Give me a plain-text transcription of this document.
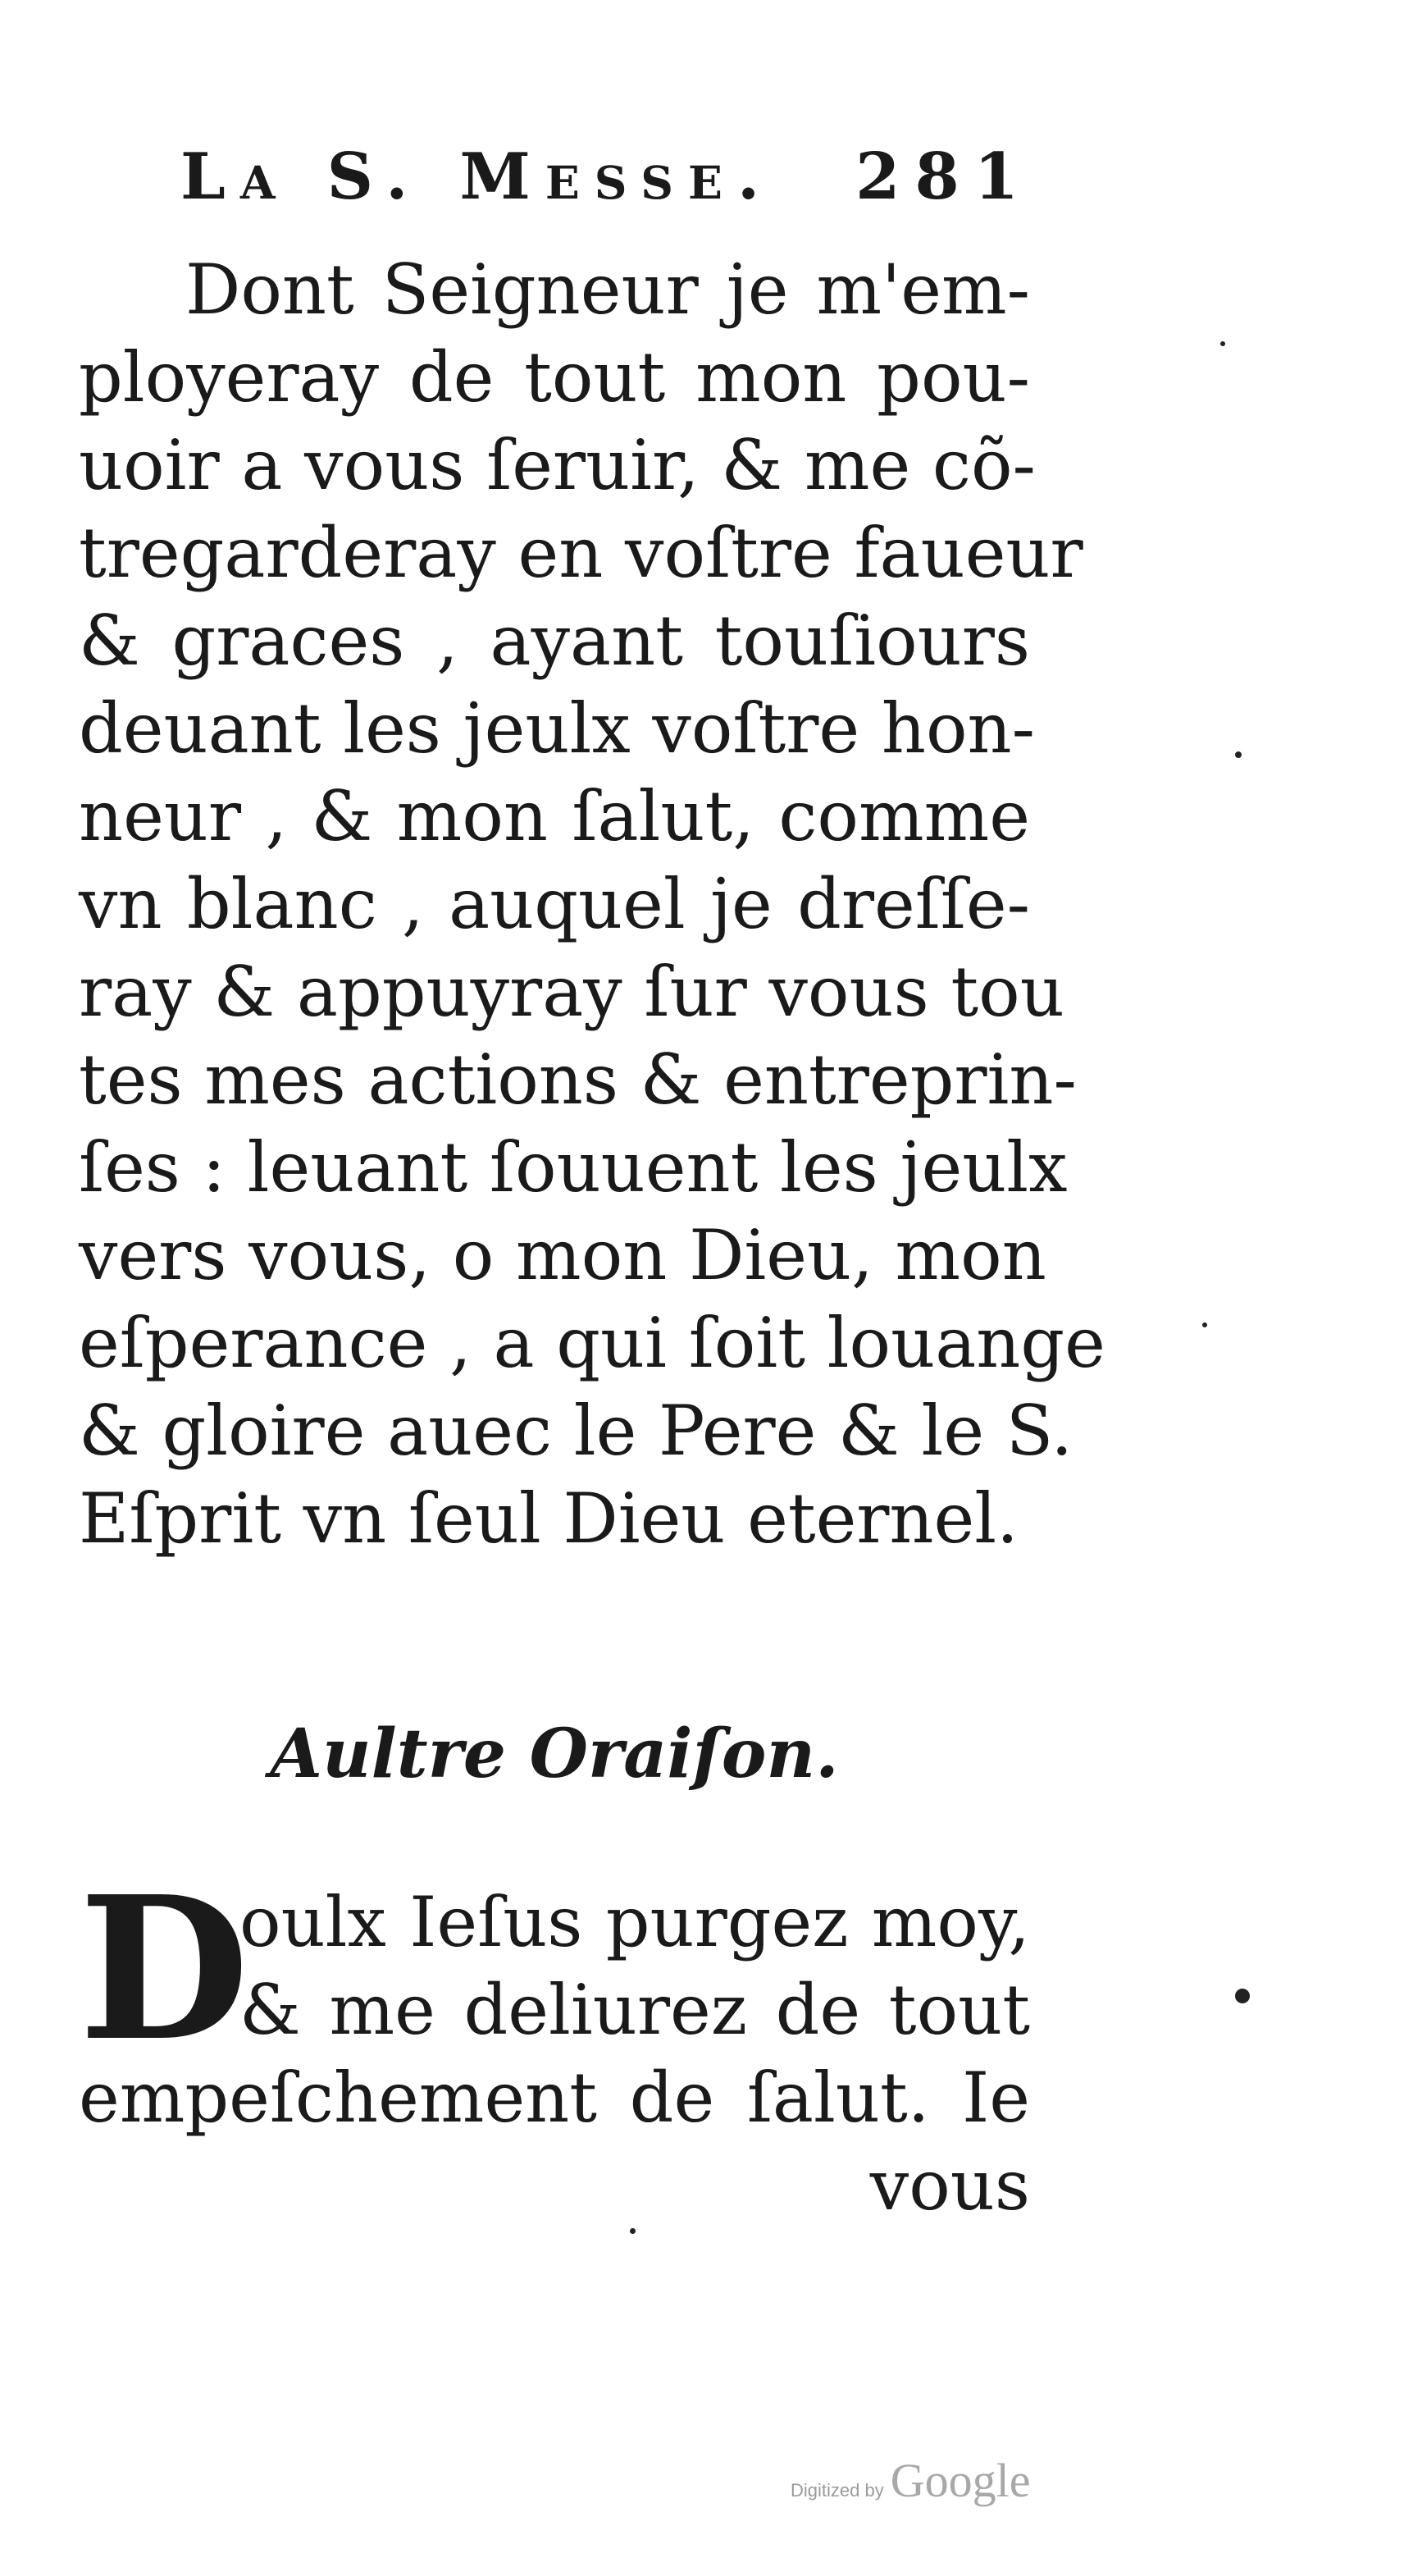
La S. Messe. 281
Dont Seigneur je m'em-
ployeray de tout mon pou-
uoir a vous ſeruir, & me cõ-
tregarderay en voſtre faueur
& graces , ayant touſiours
deuant les jeulx voſtre hon-
neur , & mon ſalut, comme
vn blanc , auquel je dreſſe-
ray & appuyray ſur vous tou
tes mes actions & entreprin-
ſes : leuant ſouuent les jeulx
vers vous, o mon Dieu, mon
eſperance , a qui ſoit louange
& gloire auec le Pere & le S.
Eſprit vn ſeul Dieu eternel.
Aultre Oraiſon.
D
oulx Ieſus purgez moy,
& me deliurez de tout
empeſchement de ſalut. Ie
vous
Digitized by Google
